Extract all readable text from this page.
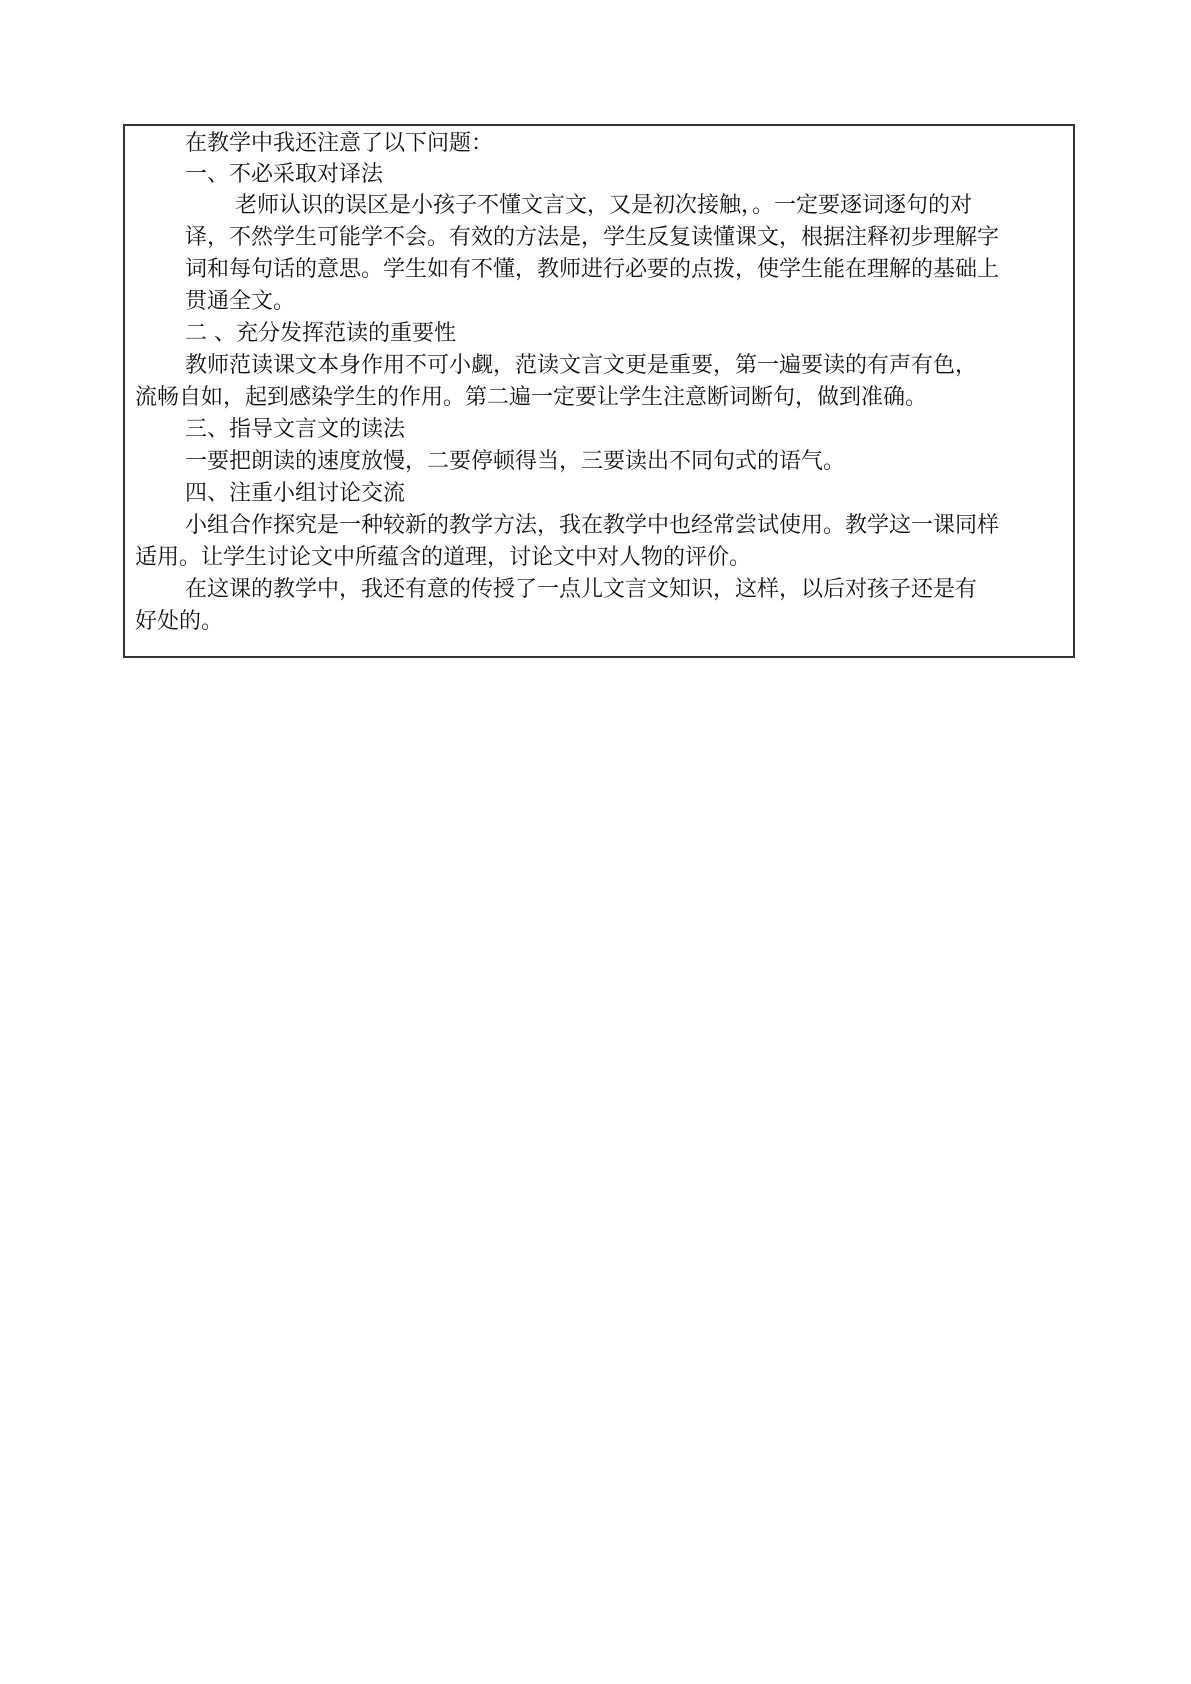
在教学中我还注意了以下问题：
一、不必采取对译法
老师认识的误区是小孩子不懂文言文，又是初次接触，。一定要逐词逐句的对
译，不然学生可能学不会。有效的方法是，学生反复读懂课文，根据注释初步理解字
词和每句话的意思。学生如有不懂，教师进行必要的点拨，使学生能在理解的基础上
贯通全文。
二 、充分发挥范读的重要性
教师范读课文本身作用不可小觑，范读文言文更是重要，第一遍要读的有声有色，
流畅自如，起到感染学生的作用。第二遍一定要让学生注意断词断句，做到准确。
三、指导文言文的读法
一要把朗读的速度放慢，二要停顿得当，三要读出不同句式的语气。
四、注重小组讨论交流
小组合作探究是一种较新的教学方法，我在教学中也经常尝试使用。教学这一课同样
适用。让学生讨论文中所蕴含的道理，讨论文中对人物的评价。
在这课的教学中，我还有意的传授了一点儿文言文知识，这样，以后对孩子还是有
好处的。
